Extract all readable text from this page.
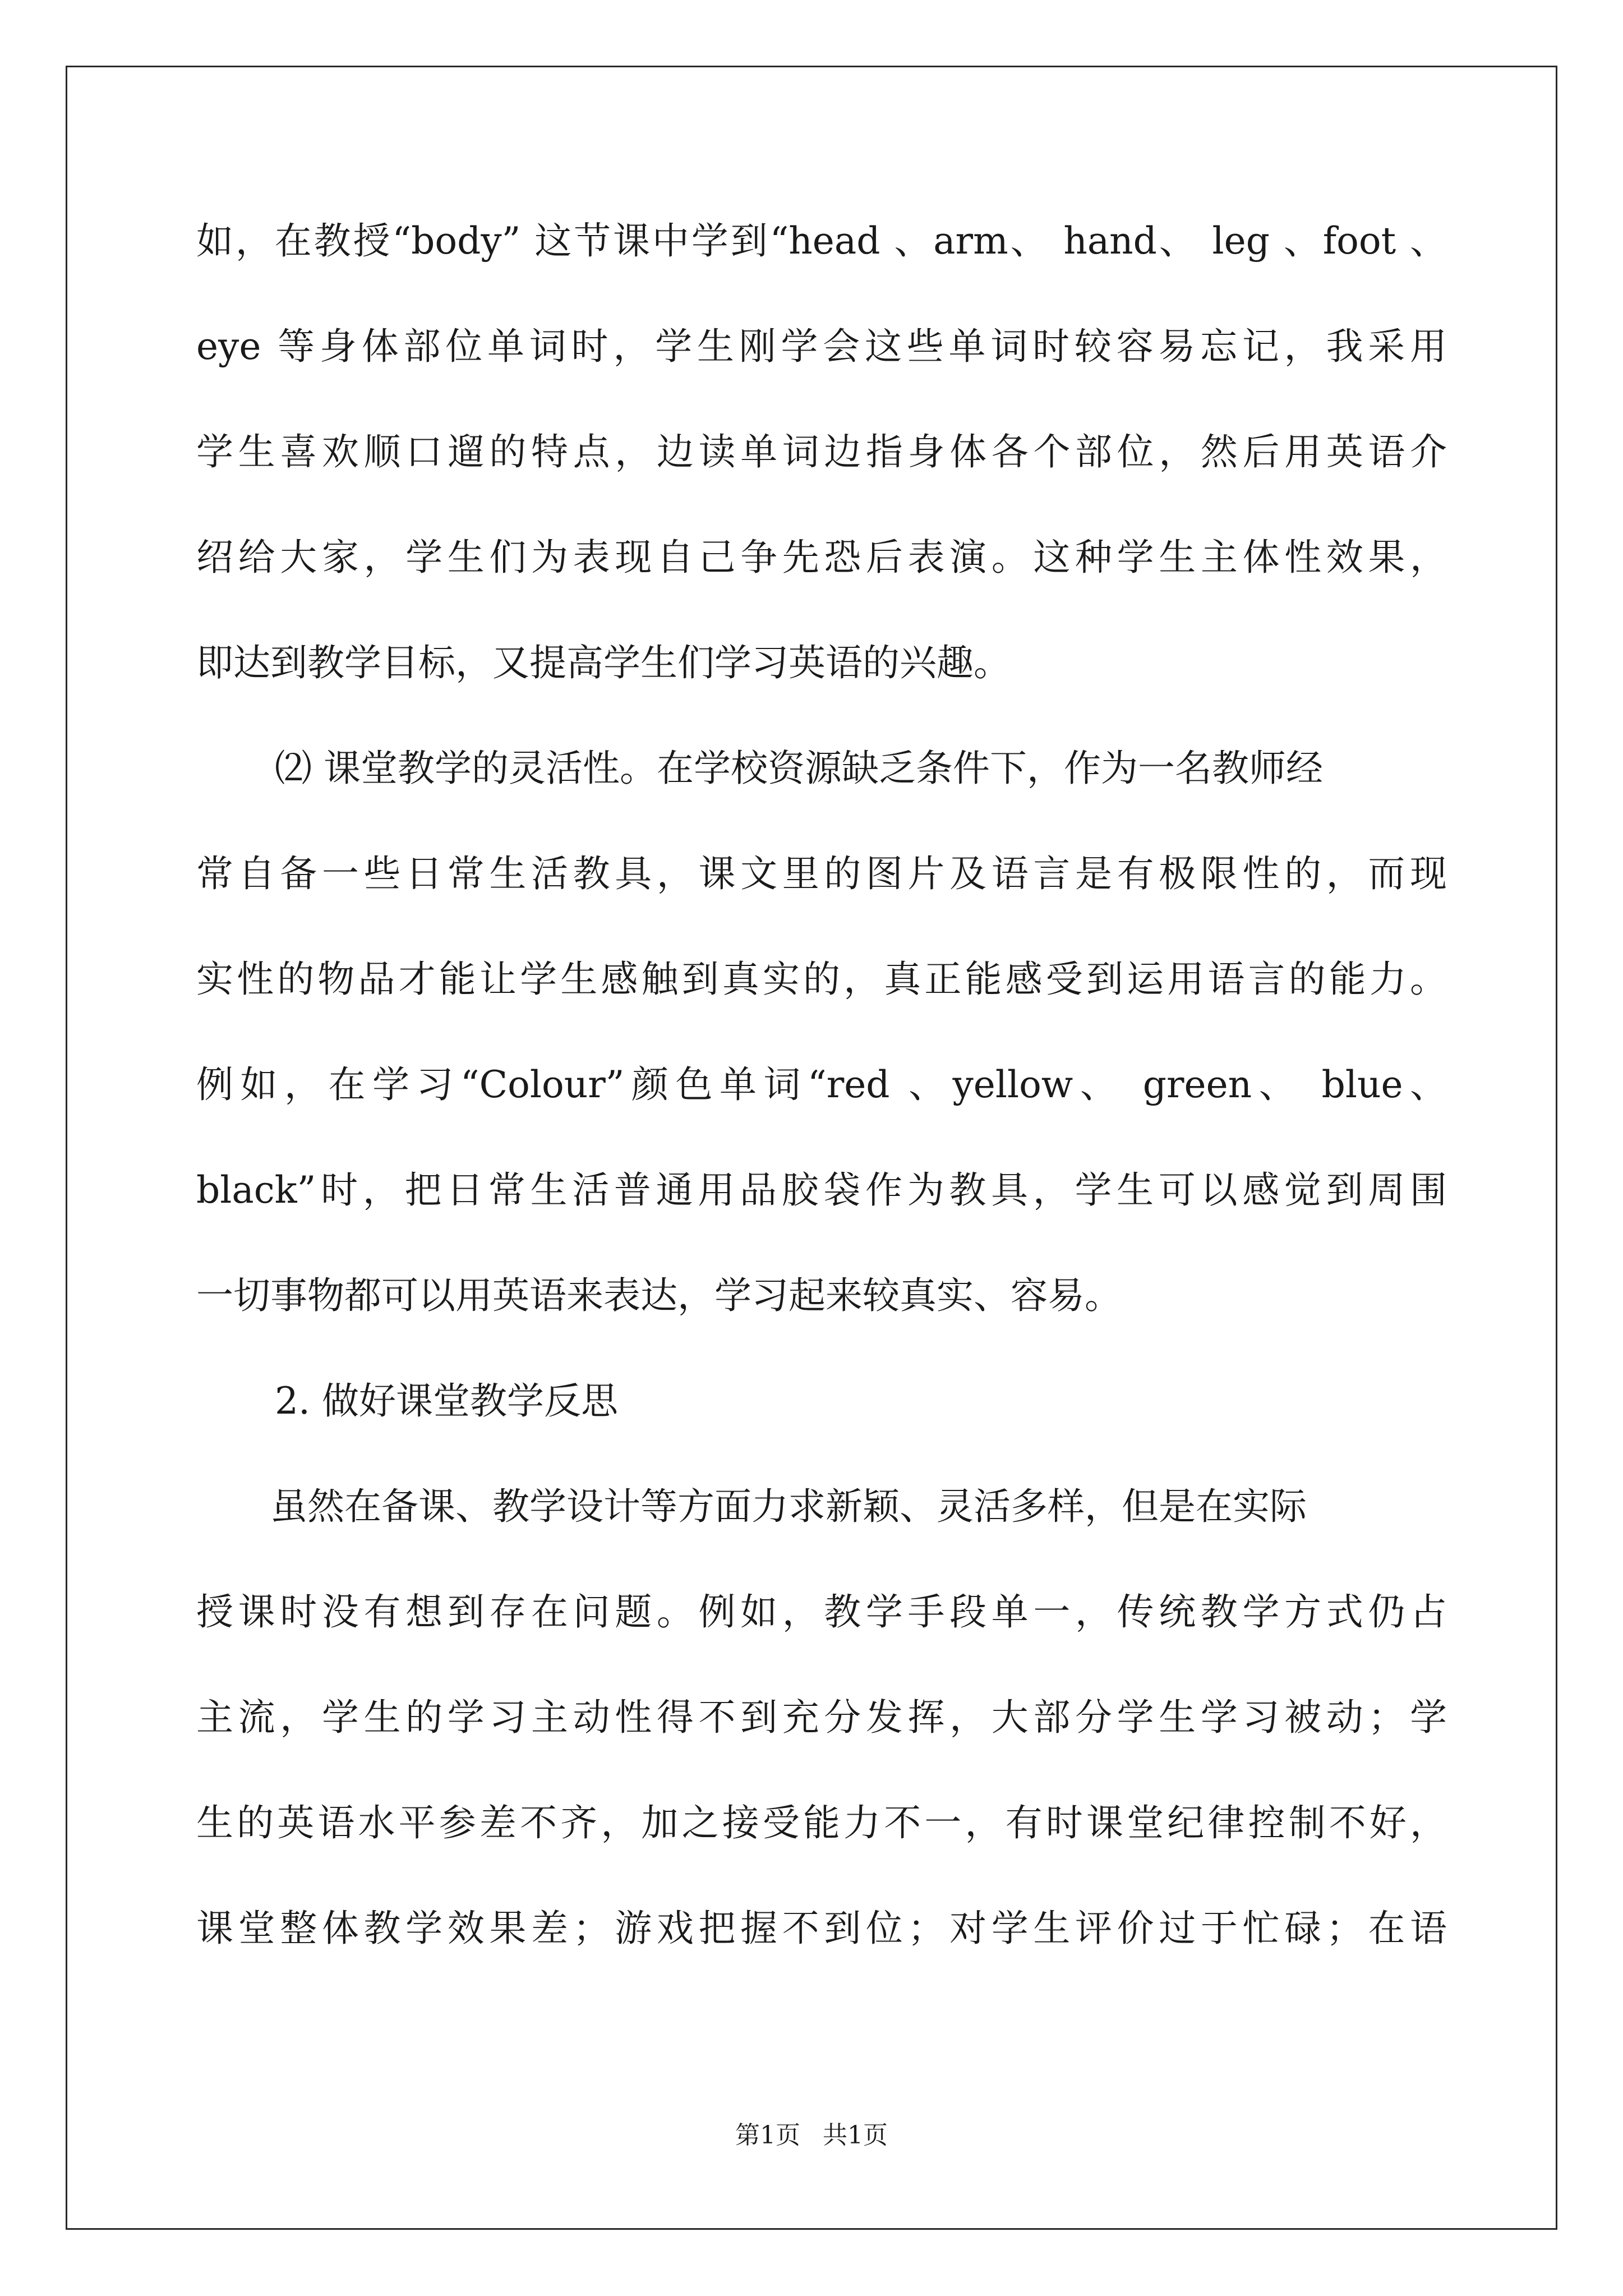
如，在教授“body” 这节课中学到“head 、arm、 hand、 leg 、foot 、
eye 等身体部位单词时，学生刚学会这些单词时较容易忘记，我采用
学生喜欢顺口遛的特点，边读单词边指身体各个部位，然后用英语介
绍给大家，学生们为表现自己争先恐后表演。这种学生主体性效果，
即达到教学目标，又提高学生们学习英语的兴趣。
⑵ 课堂教学的灵活性。在学校资源缺乏条件下，作为一名教师经
常自备一些日常生活教具，课文里的图片及语言是有极限性的，而现
实性的物品才能让学生感触到真实的，真正能感受到运用语言的能力。
例如，在学习“Colour”颜色单词“red 、yellow、 green、 blue、
black”时，把日常生活普通用品胶袋作为教具，学生可以感觉到周围
一切事物都可以用英语来表达，学习起来较真实、容易。
2. 做好课堂教学反思
虽然在备课、教学设计等方面力求新颖、灵活多样，但是在实际
授课时没有想到存在问题。例如，教学手段单一，传统教学方式仍占
主流，学生的学习主动性得不到充分发挥，大部分学生学习被动；学
生的英语水平参差不齐，加之接受能力不一，有时课堂纪律控制不好，
课堂整体教学效果差；游戏把握不到位；对学生评价过于忙碌；在语
第1页 共1页
